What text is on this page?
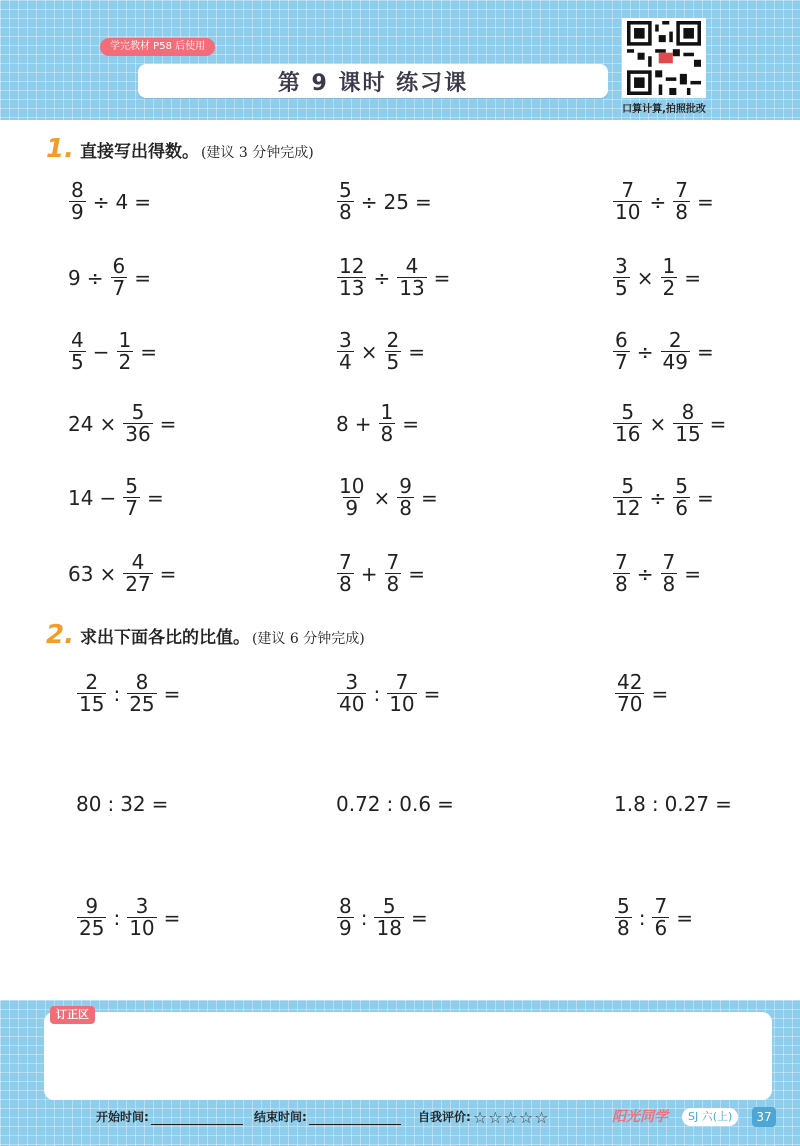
学完教材 P58 后使用
第 9 课时 练习课
口算计算,拍照批改
1. 直接写出得数。 (建议 3 分钟完成)
$\frac{8}{9} \div 4$ =	$\frac{5}{8} \div 25$ =	$\frac{7}{10} \div \frac{7}{8}$ =
$9 \div \frac{6}{7}$ =	$\frac{12}{13} \div \frac{4}{13}$ =	$\frac{3}{5} \times \frac{1}{2}$ =
$\frac{4}{5} - \frac{1}{2}$ =	$\frac{3}{4} \times \frac{2}{5}$ =	$\frac{6}{7} \div \frac{2}{49}$ =
$24 \times \frac{5}{36}$ =	$8 + \frac{1}{8}$ =	$\frac{5}{16} \times \frac{8}{15}$ =
$14 - \frac{5}{7}$ =	$\frac{10}{9} \times \frac{9}{8}$ =	$\frac{5}{12} \div \frac{5}{6}$ =
$63 \times \frac{4}{27}$ =	$\frac{7}{8} + \frac{7}{8}$ =	$\frac{7}{8} \div \frac{7}{8}$ =
2. 求出下面各比的比值。 (建议 6 分钟完成)
$\frac{2}{15}$ : $\frac{8}{25}$ =	$\frac{3}{40}$ : $\frac{7}{10}$ =	$\frac{42}{70}$ =
80 : 32 =	0.72 : 0.6 =	1.8 : 0.27 =
$\frac{9}{25}$ : $\frac{3}{10}$ =	$\frac{8}{9}$ : $\frac{5}{18}$ =	$\frac{5}{8}$ : $\frac{7}{6}$ =
订正区
开始时间:	结束时间:	自我评价: ☆☆☆☆☆	阳光同学	SJ 六(上)	37
